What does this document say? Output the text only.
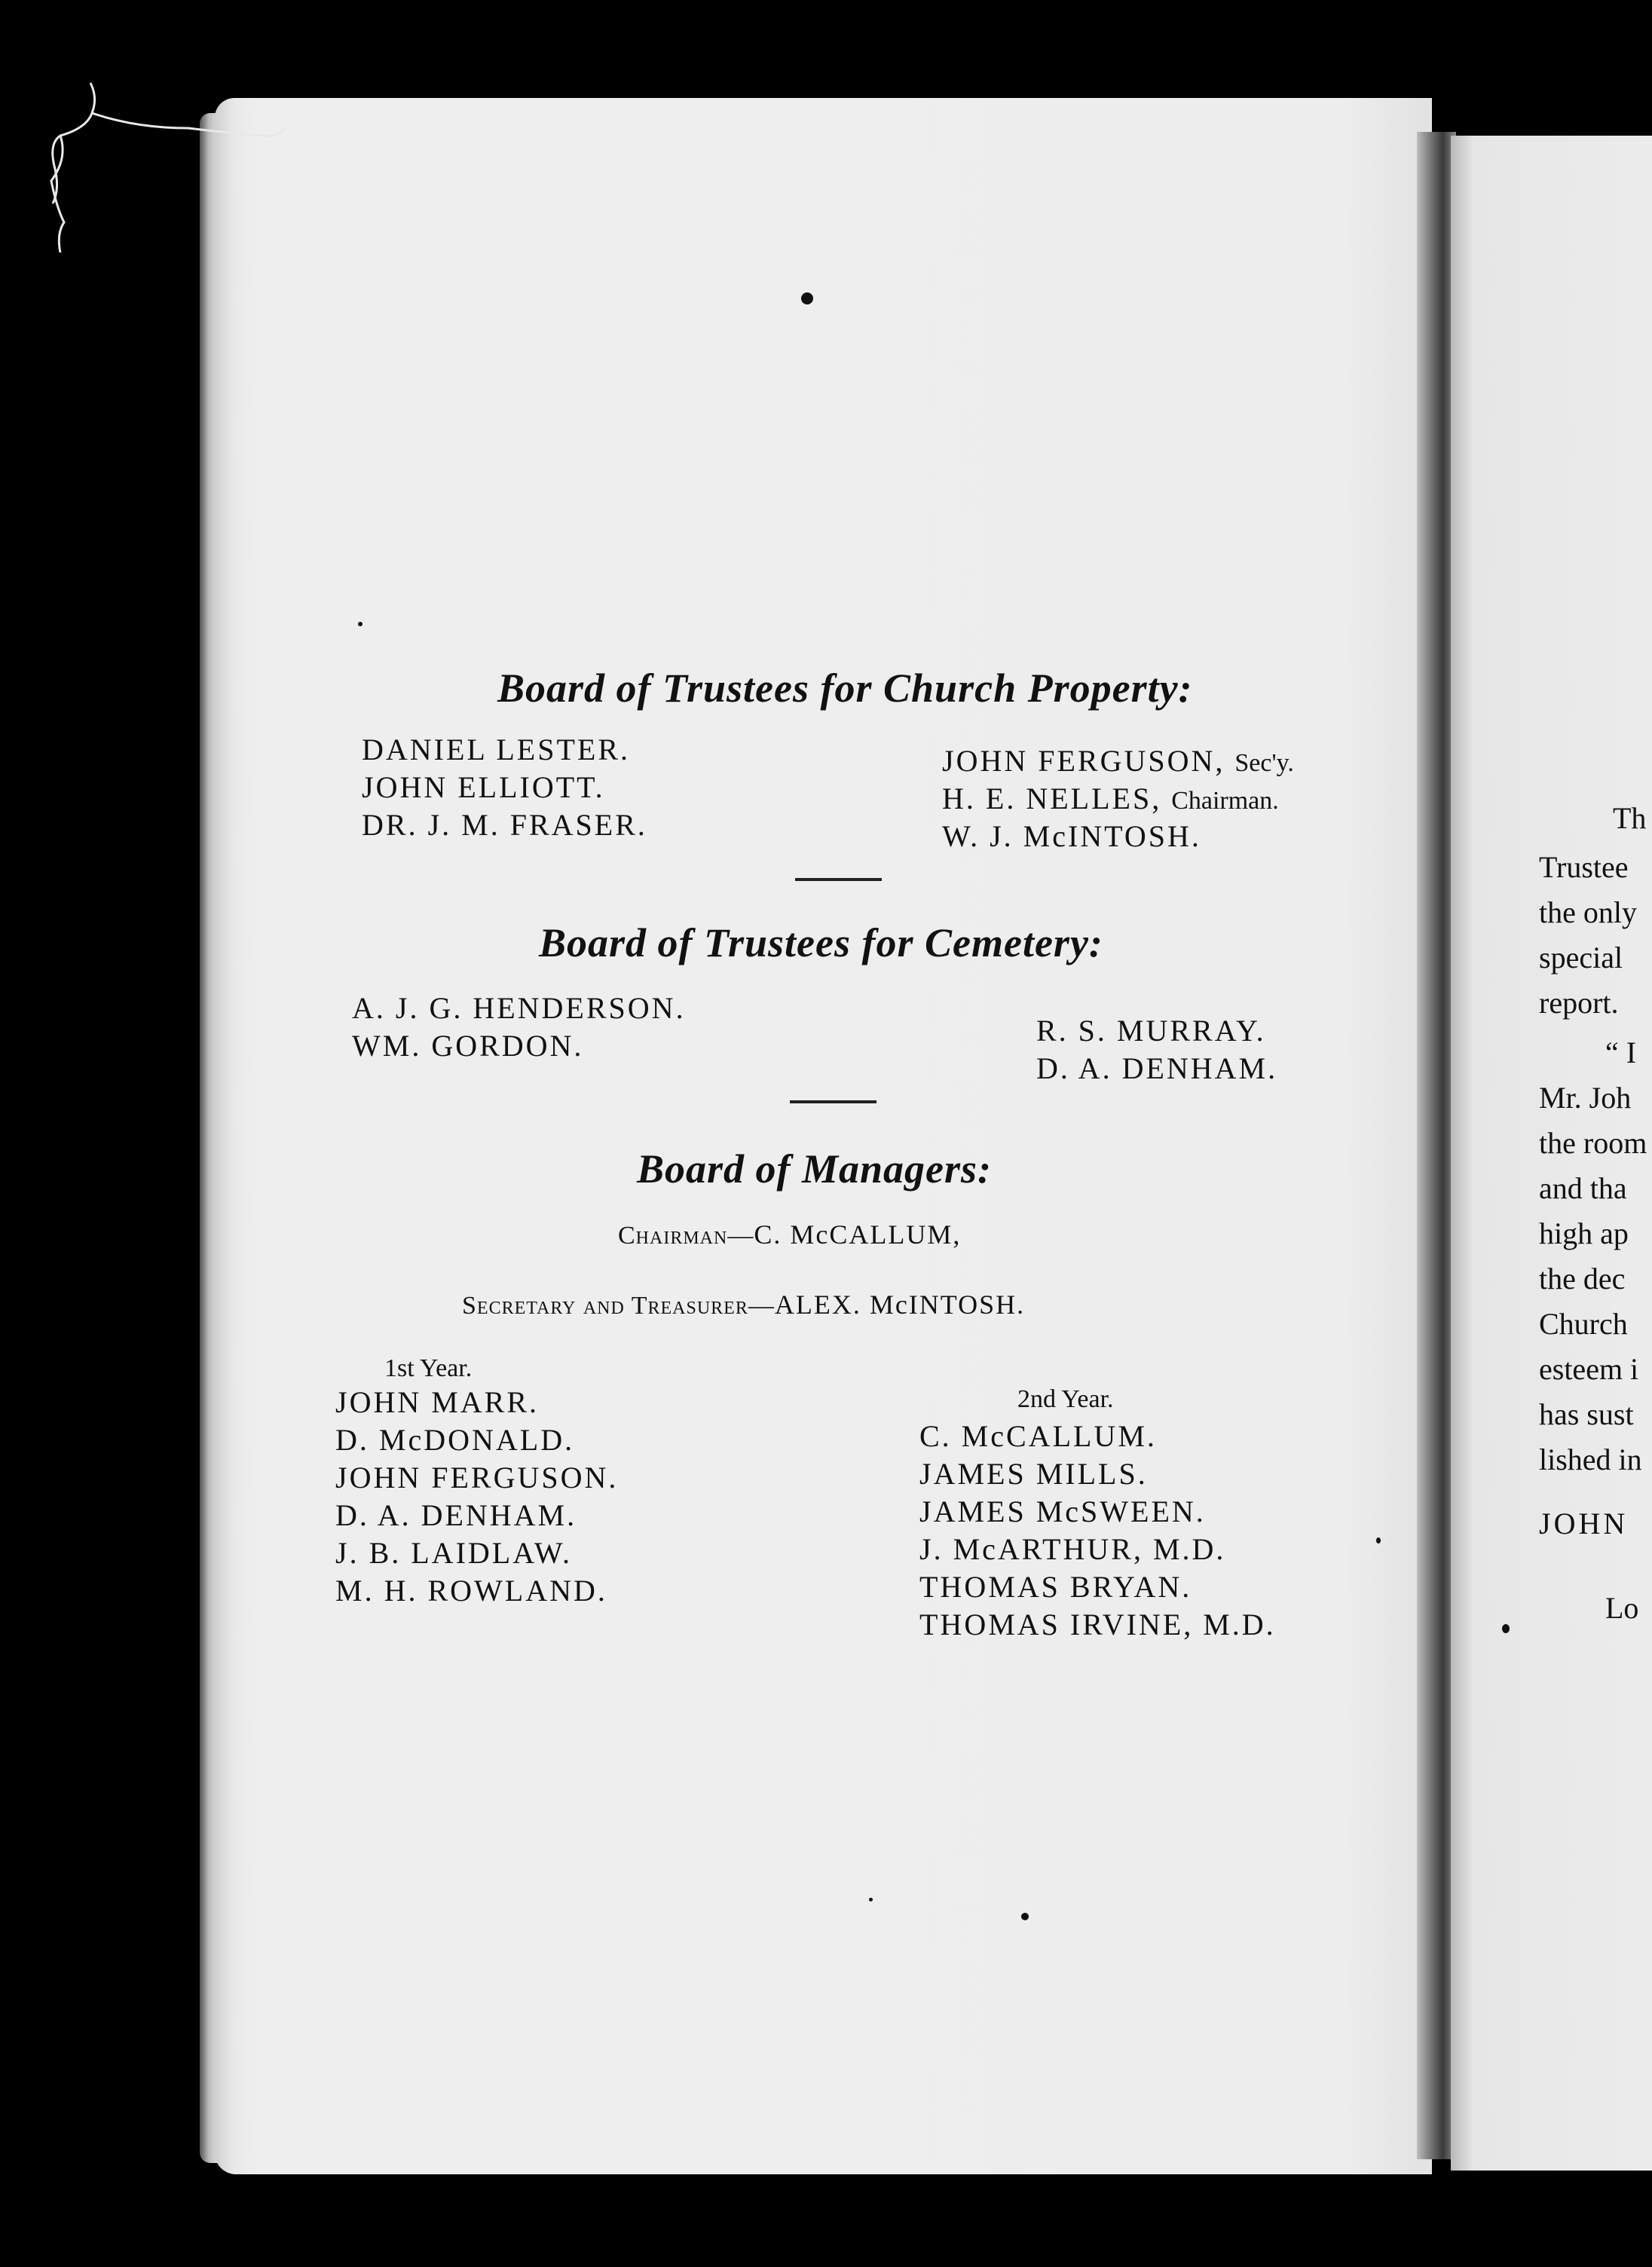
Board of Trustees for Church Property:
DANIEL LESTER.
JOHN ELLIOTT.
DR. J. M. FRASER.
JOHN FERGUSON, Sec'y.
H. E. NELLES, Chairman.
W. J. McINTOSH.
Board of Trustees for Cemetery:
A. J. G. HENDERSON.
WM. GORDON.	R. S. MURRAY.
D. A. DENHAM.
Board of Managers:
Chairman—C. McCALLUM,
Secretary and Treasurer—ALEX. McINTOSH.
1st Year.
JOHN MARR.
D. McDONALD.
JOHN FERGUSON.
D. A. DENHAM.
J. B. LAIDLAW.
M. H. ROWLAND.
2nd Year.
C. McCALLUM.
JAMES MILLS.
JAMES McSWEEN.
J. McARTHUR, M.D.
THOMAS BRYAN.
THOMAS IRVINE, M.D.
Th
Trustee
the only
special
report.
“ I
Mr. Joh
the room
and tha
high ap
the dec
Church
esteem i
has sust
lished in
JOHN
Lo
